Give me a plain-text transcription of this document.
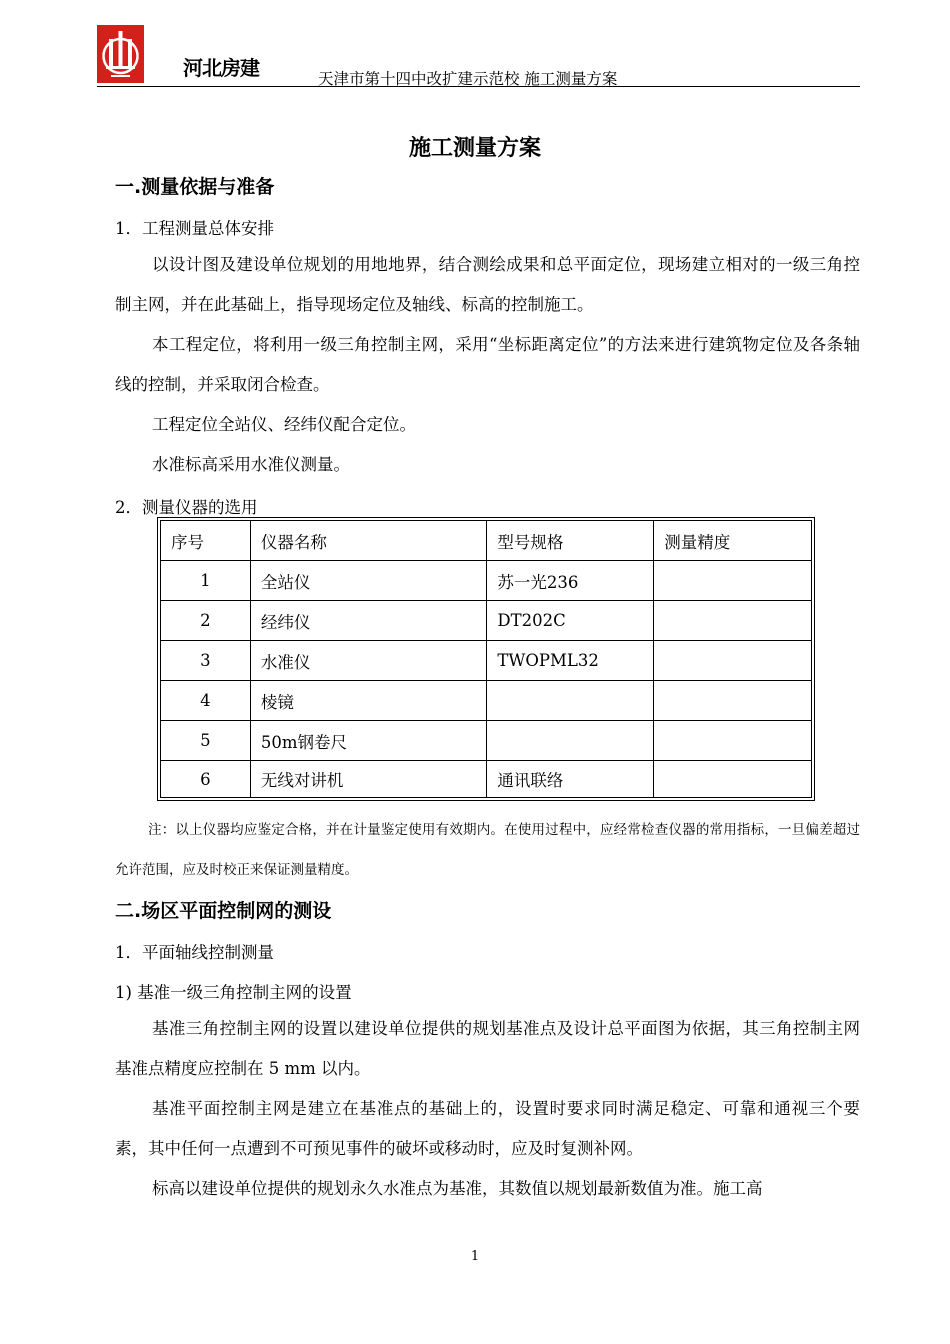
河北房建	天津市第十四中改扩建示范校 施工测量方案
施工测量方案
一.测量依据与准备
1．工程测量总体安排

以设计图及建设单位规划的用地地界，结合测绘成果和总平面定位，现场建立相对的一级三角控制主网，并在此基础上，指导现场定位及轴线、标高的控制施工。

本工程定位，将利用一级三角控制主网，采用“坐标距离定位”的方法来进行建筑物定位及各条轴线的控制，并采取闭合检查。

工程定位全站仪、经纬仪配合定位。

水准标高采用水准仪测量。

2．测量仪器的选用
序号	仪器名称	型号规格	测量精度
1	全站仪	苏一光236	
2	经纬仪	DT202C	
3	水准仪	TWOPML32	
4	棱镜		
5	50m钢卷尺		
6	无线对讲机	通讯联络	

注：以上仪器均应鉴定合格，并在计量鉴定使用有效期内。在使用过程中，应经常检查仪器的常用指标，一旦偏差超过允许范围，应及时校正来保证测量精度。

二.场区平面控制网的测设
1．平面轴线控制测量
1) 基准一级三角控制主网的设置

基准三角控制主网的设置以建设单位提供的规划基准点及设计总平面图为依据，其三角控制主网基准点精度应控制在 5 mm 以内。

基准平面控制主网是建立在基准点的基础上的，设置时要求同时满足稳定、可靠和通视三个要素，其中任何一点遭到不可预见事件的破坏或移动时，应及时复测补网。

标高以建设单位提供的规划永久水准点为基准，其数值以规划最新数值为准。施工高

1
